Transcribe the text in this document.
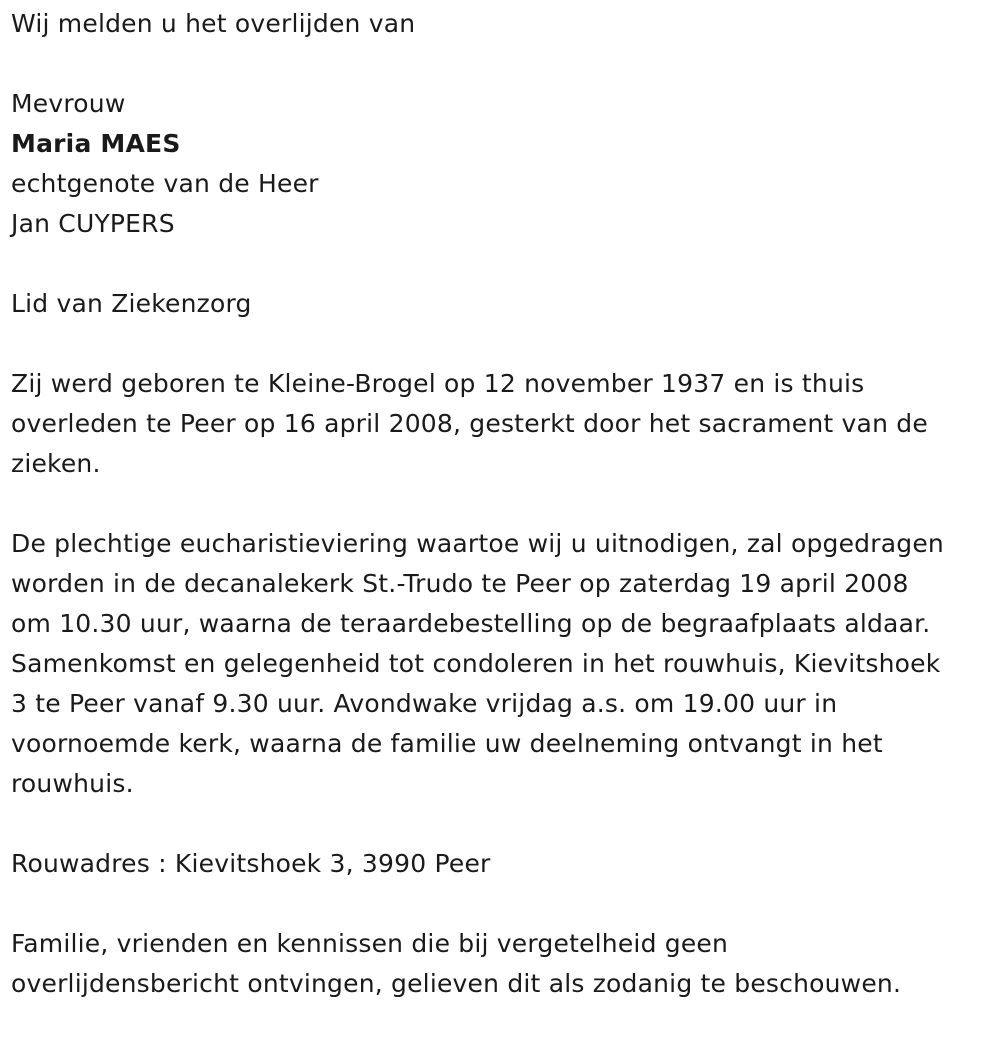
Wij melden u het overlijden van

Mevrouw

Maria MAES

echtgenote van de Heer

Jan CUYPERS

Lid van Ziekenzorg

Zij werd geboren te Kleine-Brogel op 12 november 1937 en is thuis

overleden te Peer op 16 april 2008, gesterkt door het sacrament van de

zieken.

De plechtige eucharistieviering waartoe wij u uitnodigen, zal opgedragen

worden in de decanalekerk St.-Trudo te Peer op zaterdag 19 april 2008

om 10.30 uur, waarna de teraardebestelling op de begraafplaats aldaar.

Samenkomst en gelegenheid tot condoleren in het rouwhuis, Kievitshoek

3 te Peer vanaf 9.30 uur. Avondwake vrijdag a.s. om 19.00 uur in

voornoemde kerk, waarna de familie uw deelneming ontvangt in het

rouwhuis.

Rouwadres : Kievitshoek 3, 3990 Peer

Familie, vrienden en kennissen die bij vergetelheid geen

overlijdensbericht ontvingen, gelieven dit als zodanig te beschouwen.
